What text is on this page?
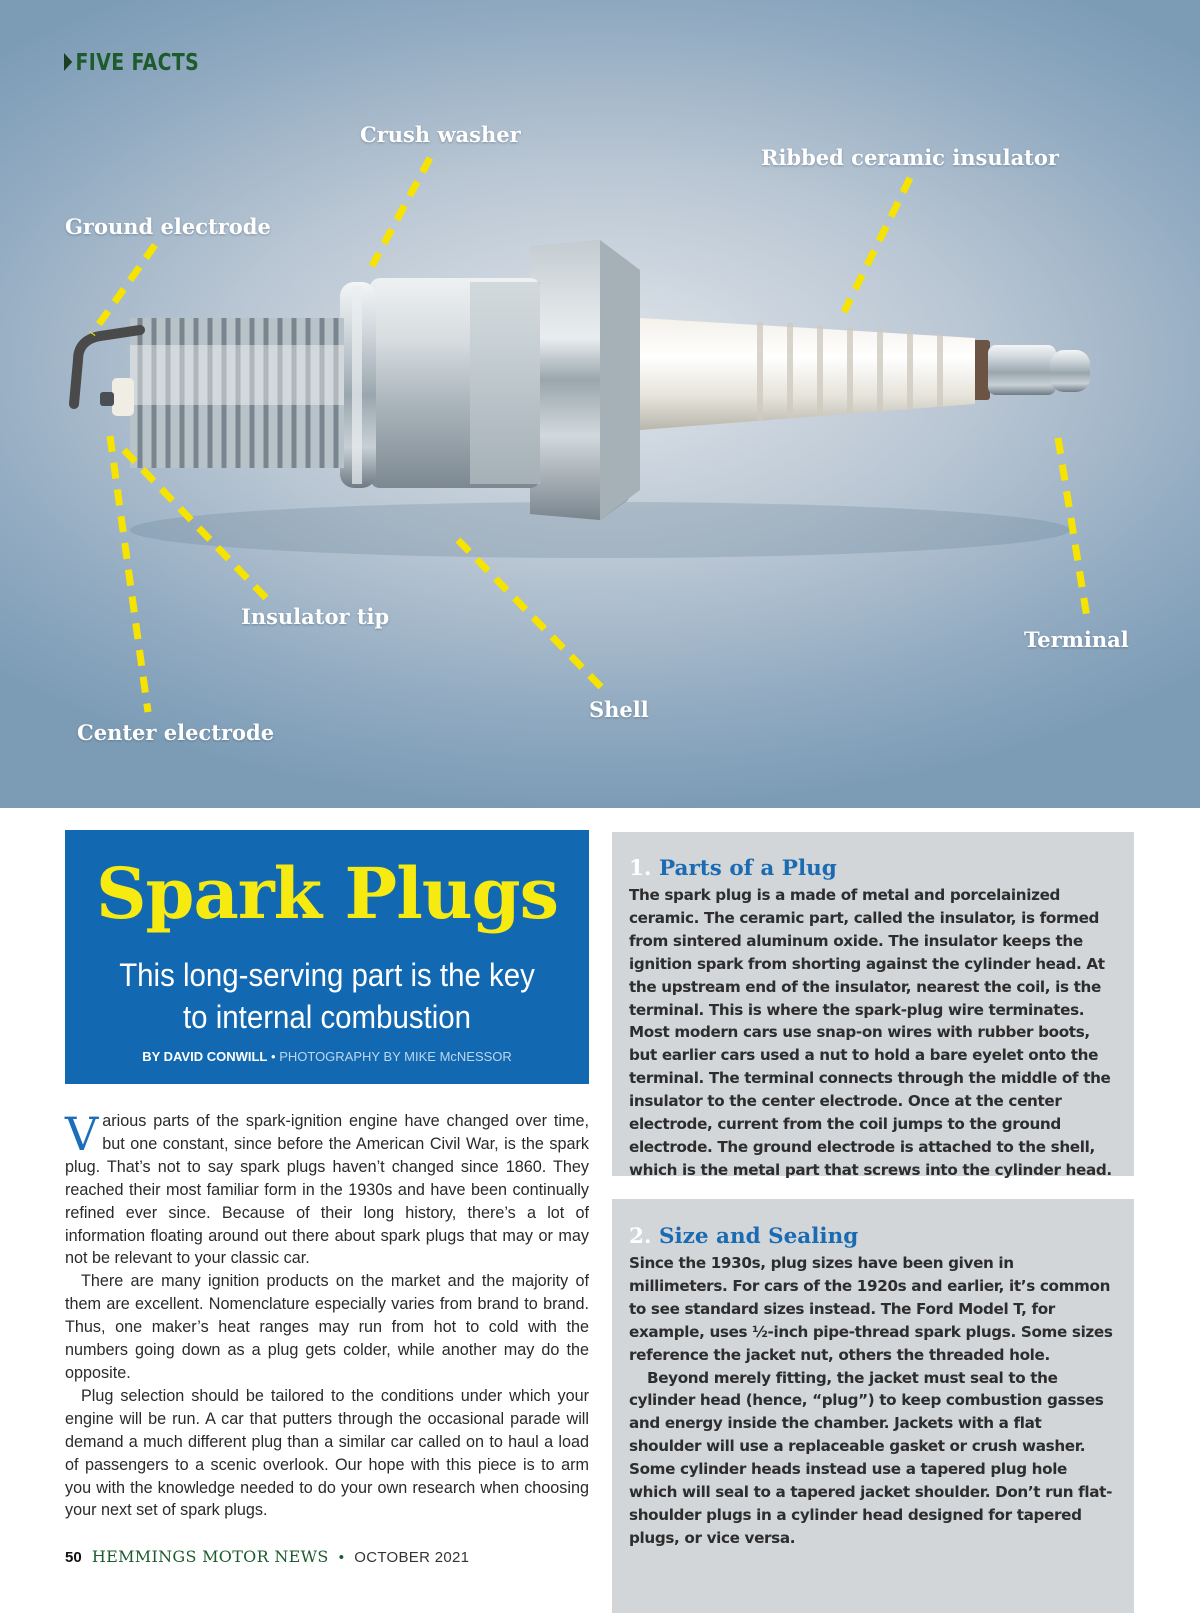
FIVE FACTS
Crush washer
Ribbed ceramic insulator
Ground electrode
Insulator tip
Terminal
Shell
Center electrode
Spark Plugs
This long-serving part is the key to internal combustion
BY DAVID CONWILL • PHOTOGRAPHY BY MIKE McNESSOR

Various parts of the spark-ignition engine have changed over time, but one constant, since before the American Civil War, is the spark plug. That’s not to say spark plugs haven’t changed since 1860. They reached their most familiar form in the 1930s and have been continually refined ever since. Because of their long history, there’s a lot of information floating around out there about spark plugs that may or may not be relevant to your classic car.

There are many ignition products on the market and the majority of them are excellent. Nomenclature especially varies from brand to brand. Thus, one maker’s heat ranges may run from hot to cold with the numbers going down as a plug gets colder, while another may do the opposite.

Plug selection should be tailored to the conditions under which your engine will be run. A car that putters through the occasional parade will demand a much different plug than a similar car called on to haul a load of passengers to a scenic overlook. Our hope with this piece is to arm you with the knowledge needed to do your own research when choosing your next set of spark plugs.

1. Parts of a Plug

The spark plug is a made of metal and porcelainized ceramic. The ceramic part, called the insulator, is formed from sintered aluminum oxide. The insulator keeps the ignition spark from shorting against the cylinder head. At the upstream end of the insulator, nearest the coil, is the terminal. This is where the spark-plug wire terminates. Most modern cars use snap-on wires with rubber boots, but earlier cars used a nut to hold a bare eyelet onto the terminal. The terminal connects through the middle of the insulator to the center electrode. Once at the center electrode, current from the coil jumps to the ground electrode. The ground electrode is attached to the shell, which is the metal part that screws into the cylinder head.

2. Size and Sealing

Since the 1930s, plug sizes have been given in millimeters. For cars of the 1920s and earlier, it’s common to see standard sizes instead. The Ford Model T, for example, uses ½-inch pipe-thread spark plugs. Some sizes reference the jacket nut, others the threaded hole.

Beyond merely fitting, the jacket must seal to the cylinder head (hence, “plug”) to keep combustion gasses and energy inside the chamber. Jackets with a flat shoulder will use a replaceable gasket or crush washer. Some cylinder heads instead use a tapered plug hole which will seal to a tapered jacket shoulder. Don’t run flat-shoulder plugs in a cylinder head designed for tapered plugs, or vice versa.

50 HEMMINGS MOTOR NEWS • OCTOBER 2021
